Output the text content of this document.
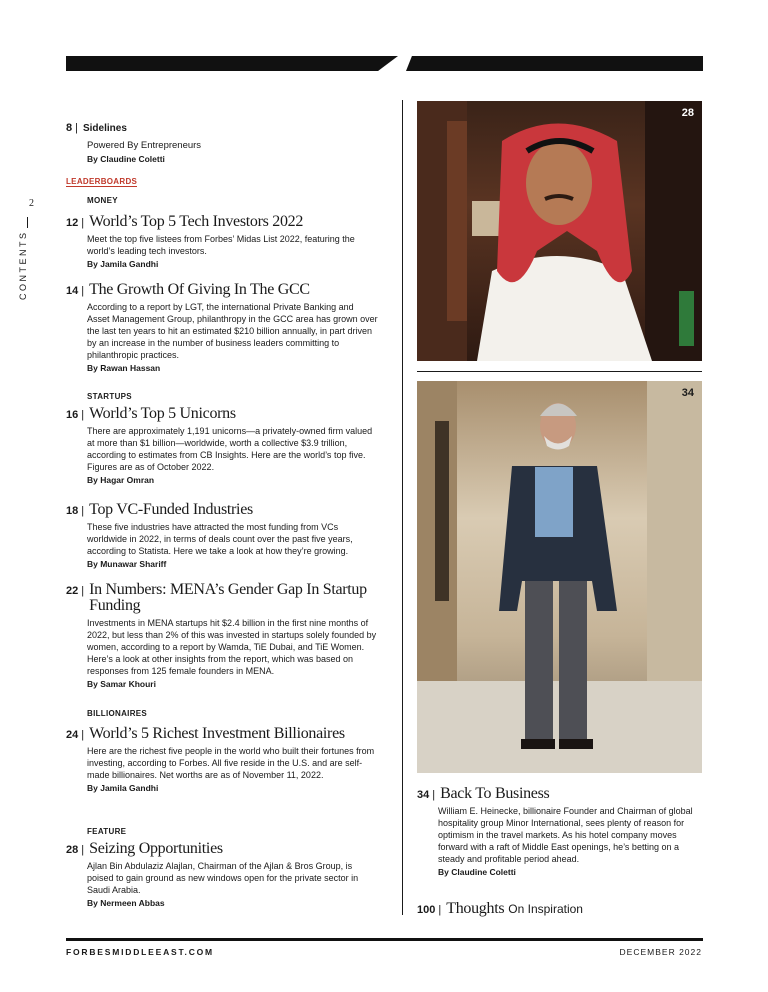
2
CONTENTS
8 | Sidelines
Powered By Entrepreneurs
By Claudine Coletti
LEADERBOARDS
MONEY
12 | World’s Top 5 Tech Investors 2022
Meet the top five listees from Forbes’ Midas List 2022, featuring the world’s leading tech investors.
By Jamila Gandhi
14 | The Growth Of Giving In The GCC
According to a report by LGT, the international Private Banking and Asset Management Group, philanthropy in the GCC area has grown over the last ten years to hit an estimated $210 billion annually, in part driven by an increase in the number of business leaders committing to philanthropic practices.
By Rawan Hassan
STARTUPS
16 | World’s Top 5 Unicorns
There are approximately 1,191 unicorns—a privately-owned firm valued at more than $1 billion—worldwide, worth a collective $3.9 trillion, according to estimates from CB Insights. Here are the world’s top five. Figures are as of October 2022.
By Hagar Omran
18 | Top VC-Funded Industries
These five industries have attracted the most funding from VCs worldwide in 2022, in terms of deals count over the past five years, according to Statista. Here we take a look at how they’re growing.
By Munawar Shariff
22 | In Numbers: MENA’s Gender Gap In Startup Funding
Investments in MENA startups hit $2.4 billion in the first nine months of 2022, but less than 2% of this was invested in startups solely founded by women, according to a report by Wamda, TiE Dubai, and TiE Women. Here’s a look at other insights from the report, which was based on responses from 125 female founders in MENA.
By Samar Khouri
BILLIONAIRES
24 | World’s 5 Richest Investment Billionaires
Here are the richest five people in the world who built their fortunes from investing, according to Forbes. All five reside in the U.S. and are self-made billionaires. Net worths are as of November 11, 2022.
By Jamila Gandhi
FEATURE
28 | Seizing Opportunities
Ajlan Bin Abdulaziz Alajlan, Chairman of the Ajlan & Bros Group, is poised to gain ground as new windows open for the private sector in Saudi Arabia.
By Nermeen Abbas
28
34
34 | Back To Business
William E. Heinecke, billionaire Founder and Chairman of global hospitality group Minor International, sees plenty of reason for optimism in the travel markets. As his hotel company moves forward with a raft of Middle East openings, he’s betting on a steady and profitable period ahead.
By Claudine Coletti
100 | Thoughts On Inspiration
FORBESMIDDLEEAST.COM	DECEMBER 2022
